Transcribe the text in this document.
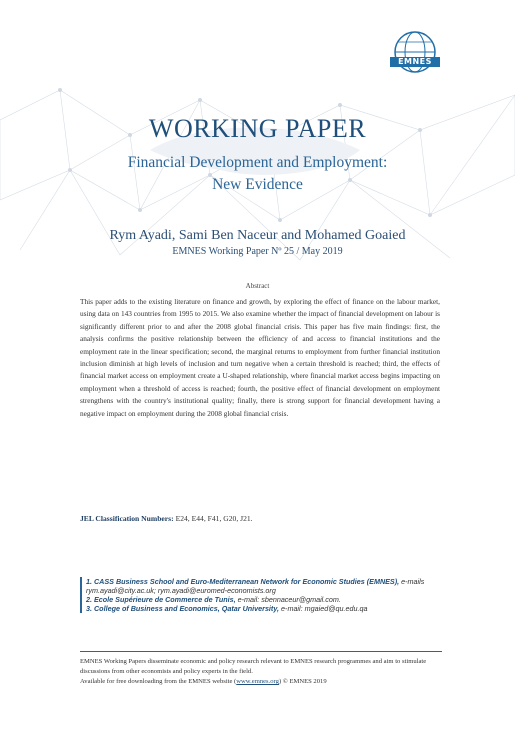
EMNES
WORKING PAPER
Financial Development and Employment:
New Evidence
Rym Ayadi, Sami Ben Naceur and Mohamed Goaied
EMNES Working Paper Nº 25 / May 2019
Abstract
This paper adds to the existing literature on finance and growth, by exploring the effect of finance on the labour market, using data on 143 countries from 1995 to 2015. We also examine whether the impact of financial development on labour is significantly different prior to and after the 2008 global financial crisis. This paper has five main findings: first, the analysis confirms the positive relationship between the efficiency of and access to financial institutions and the employment rate in the linear specification; second, the marginal returns to employment from further financial institution inclusion diminish at high levels of inclusion and turn negative when a certain threshold is reached; third, the effects of financial market access on employment create a U-shaped relationship, where financial market access begins impacting on employment when a threshold of access is reached; fourth, the positive effect of financial development on employment strengthens with the country's institutional quality; finally, there is strong support for financial development having a negative impact on employment during the 2008 global financial crisis.
JEL Classification Numbers: E24, E44, F41, G20, J21.
1. CASS Business School and Euro-Mediterranean Network for Economic Studies (EMNES), e-mails rym.ayadi@city.ac.uk; rym.ayadi@euromed-economists.org
2. Ecole Supérieure de Commerce de Tunis, e-mail: sbennaceur@gmail.com.
3. College of Business and Economics, Qatar University, e-mail: mgaied@qu.edu.qa
EMNES Working Papers disseminate economic and policy research relevant to EMNES research programmes and aim to stimulate discussions from other economists and policy experts in the field.
Available for free downloading from the EMNES website (www.emnes.org) © EMNES 2019
